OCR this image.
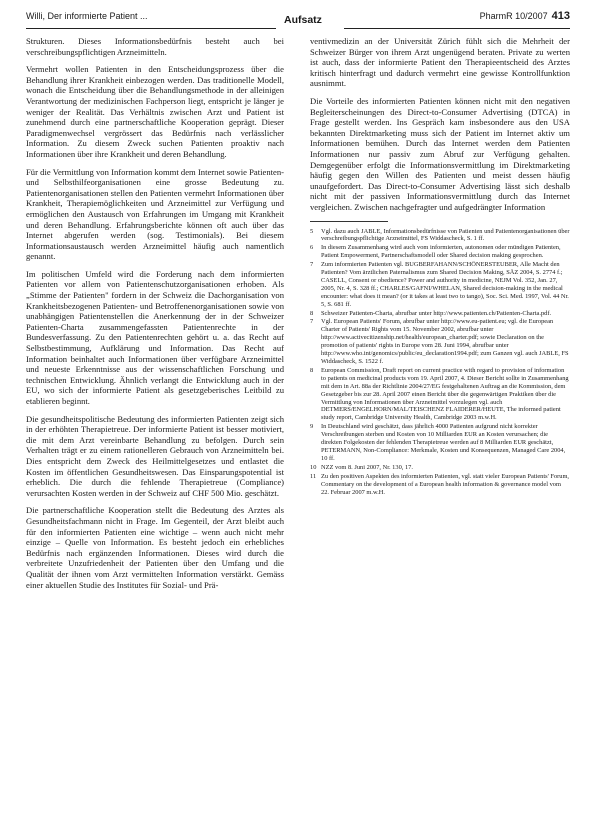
Willi, Der informierte Patient ...	Aufsatz	PharmR 10/2007 413

Strukturen. Dieses Informationsbedürfnis besteht auch bei verschreibungspflichtigen Arzneimitteln.

Vermehrt wollen Patienten in den Entscheidungsprozess über die Behandlung ihrer Krankheit einbezogen werden. Das traditionelle Modell, wonach die Entscheidung über die Behandlungsmethode in der alleinigen Verantwortung der medizinischen Fachperson liegt, entspricht je länger je weniger der Realität. Das Verhältnis zwischen Arzt und Patient ist zunehmend durch eine partnerschaftliche Kooperation geprägt. Dieser Paradigmenwechsel vergrössert das Bedürfnis nach verlässlicher Information. Zu diesem Zweck suchen Patienten proaktiv nach Informationen über ihre Krankheit und deren Behandlung.

Für die Vermittlung von Information kommt dem Internet sowie Patienten- und Selbsthilfeorganisationen eine grosse Bedeutung zu. Patientenorganisationen stellen den Patienten vermehrt Informationen über Krankheit, Therapiemöglichkeiten und Arzneimittel zur Verfügung und ermöglichen den Austausch von Erfahrungen im Umgang mit Krankheit und deren Behandlung. Erfahrungsberichte können oft auch über das Internet abgerufen werden (sog. Testimonials). Bei diesem Informationsaustausch werden Arzneimittel häufig auch namentlich genannt.

Im politischen Umfeld wird die Forderung nach dem informierten Patienten vor allem von Patientenschutzorganisationen erhoben. Als „Stimme der Patienten" fordern in der Schweiz die Dachorganisation von Krankheitsbezogenen Patienten- und Betroffenenorganisationen sowie von unabhängigen Patientenstellen die Anerkennung der in der Schweizer Patienten-Charta zusammengefassten Patientenrechte in der Bundesverfassung. Zu den Patientenrechten gehört u. a. das Recht auf Selbstbestimmung, Aufklärung und Information. Das Recht auf Information beinhaltet auch Informationen über verfügbare Arzneimittel und neueste Erkenntnisse aus der wissenschaftlichen Forschung und technischen Entwicklung. Ähnlich verlangt die Entwicklung auch in der EU, wo sich der informierte Patient als gesetzgeberisches Leitbild zu etablieren beginnt.

Die gesundheitspolitische Bedeutung des informierten Patienten zeigt sich in der erhöhten Therapietreue. Der informierte Patient ist besser motiviert, die mit dem Arzt vereinbarte Behandlung zu befolgen. Durch sein Verhalten trägt er zu einem rationelleren Gebrauch von Arzneimitteln bei. Dies entspricht dem Zweck des Heilmittelgesetzes und entlastet die Kosten im öffentlichen Gesundheitswesen. Das Einsparungspotential ist erheblich. Die durch die fehlende Therapietreue (Compliance) verursachten Kosten werden in der Schweiz auf CHF 500 Mio. geschätzt.

Die partnerschaftliche Kooperation stellt die Bedeutung des Arztes als Gesundheitsfachmann nicht in Frage. Im Gegenteil, der Arzt bleibt auch für den informierten Patienten eine wichtige – wenn auch nicht mehr einzige – Quelle von Information. Es besteht jedoch ein erhebliches Bedürfnis nach ergänzenden Informationen. Dieses wird durch die verbreitete Unzufriedenheit der Patienten über den Umfang und die Qualität der ihnen vom Arzt vermittelten Information verstärkt. Gemäss einer aktuellen Studie des Institutes für Sozial- und Prä-

ventivmedizin an der Universität Zürich fühlt sich die Mehrheit der Schweizer Bürger von ihrem Arzt ungenügend beraten. Private zu werten ist auch, dass der informierte Patient den Therapieentscheid des Arztes kritisch hinterfragt und dadurch vermehrt eine gewisse Kontrollfunktion ausnimmt.

Die Vorteile des informierten Patienten können nicht mit den negativen Begleiterscheinungen des Direct-to-Consumer Advertising (DTCA) in Frage gestellt werden. Ins Gespräch kam insbesondere aus den USA bekannten Direktmarketing muss sich der Patient im Internet aktiv um Informationen bemühen. Durch das Internet werden dem Patienten Informationen nur passiv zum Abruf zur Verfügung gehalten. Demgegenüber erfolgt die Informationsvermittlung im Direktmarketing häufig gegen den Willen des Patienten und meist dessen häufig unaufgefordert. Das Direct-to-Consumer Advertising lässt sich deshalb nicht mit der passiven Informationsvermittlung durch das Internet vergleichen. Zwischen nachgefragter und aufgedrängter Information

5	Vgl. dazu auch JABLE, Informationsbedürfnisse von Patienten und Patientenorganisationen über verschreibungspflichtige Arzneimittel, FS Widdascheck, S. 1 ff.
6	In diesem Zusammenhang wird auch vom informierten, autonomen oder mündigen Patienten, Patient Empowerment, Partnerschaftsmodell oder Shared decision making gesprochen.
7	Zum informierten Patienten vgl. BUGBERFAHANN/SCHÖNERSTEUBER, Alle Macht den Patienten? Vom ärztlichen Paternalismus zum Shared Decision Making, SÄZ 2004, S. 2774 f.; CASELL, Consent or obedience? Power and authority in medicine, NEJM Vol. 352, Jan. 27, 2005, Nr. 4, S. 328 ff.; CHARLES/GAFNI/WHELAN, Shared decision-making in the medical encounter: what does it mean? (or it takes at least two to tango), Soc. Sci. Med. 1997, Vol. 44 Nr. 5, S. 681 ff.
8	Schweizer Patienten-Charta, abrufbar unter http://www.patienten.ch/Patienten-Charta.pdf.
7	Vgl. European Patients' Forum, abrufbar unter http://www.eu-patient.eu; vgl. die European Charter of Patients' Rights vom 15. November 2002, abrufbar unter http://www.activecitizenship.net/health/european_charter.pdf; sowie Declaration on the promotion of patients' rights in Europe vom 28. Juni 1994, abrufbar unter http://www.who.int/genomics/public/eu_declaration1994.pdf; zum Ganzen vgl. auch JABLE, FS Widdascheck, S. 1522 f.
8	European Commission, Draft report on current practice with regard to provision of information to patients on medicinal products vom 19. April 2007, 4. Dieser Bericht sollte in Zusammenhang mit dem in Art. 88a der Richtlinie 2004/27/EG festgehaltenen Auftrag an die Kommission, dem Gesetzgeber bis zur 28. April 2007 einen Bericht über die gegenwärtigen Praktiken über die Vermittlung von Informationen über Arzneimittel vorzulegen vgl. auch DETMERS/ENGELHORN/MAL/TEISCHENZ FLAIDERER/HEUTE, The informed patient study report, Cambridge University Health, Cambridge 2003 m.w.H.
9	In Deutschland wird geschätzt, dass jährlich 4000 Patienten aufgrund nicht korrekter Verschreibungen sterben und Kosten von 10 Milliarden EUR an Kosten verursachen; die direkten Folgekosten der fehlenden Therapietreue werden auf 8 Milliarden EUR geschätzt, PETERMANN, Non-Compliance: Merkmale, Kosten und Konsequenzen, Managed Care 2004, 10 ff.
10 NZZ vom 8. Juni 2007, Nr. 130, 17.
11 Zu den positiven Aspekten des informierten Patienten, vgl. statt vieler European Patients' Forum, Commentary on the development of a European health information & governance model vom 22. Februar 2007 m.w.H.
